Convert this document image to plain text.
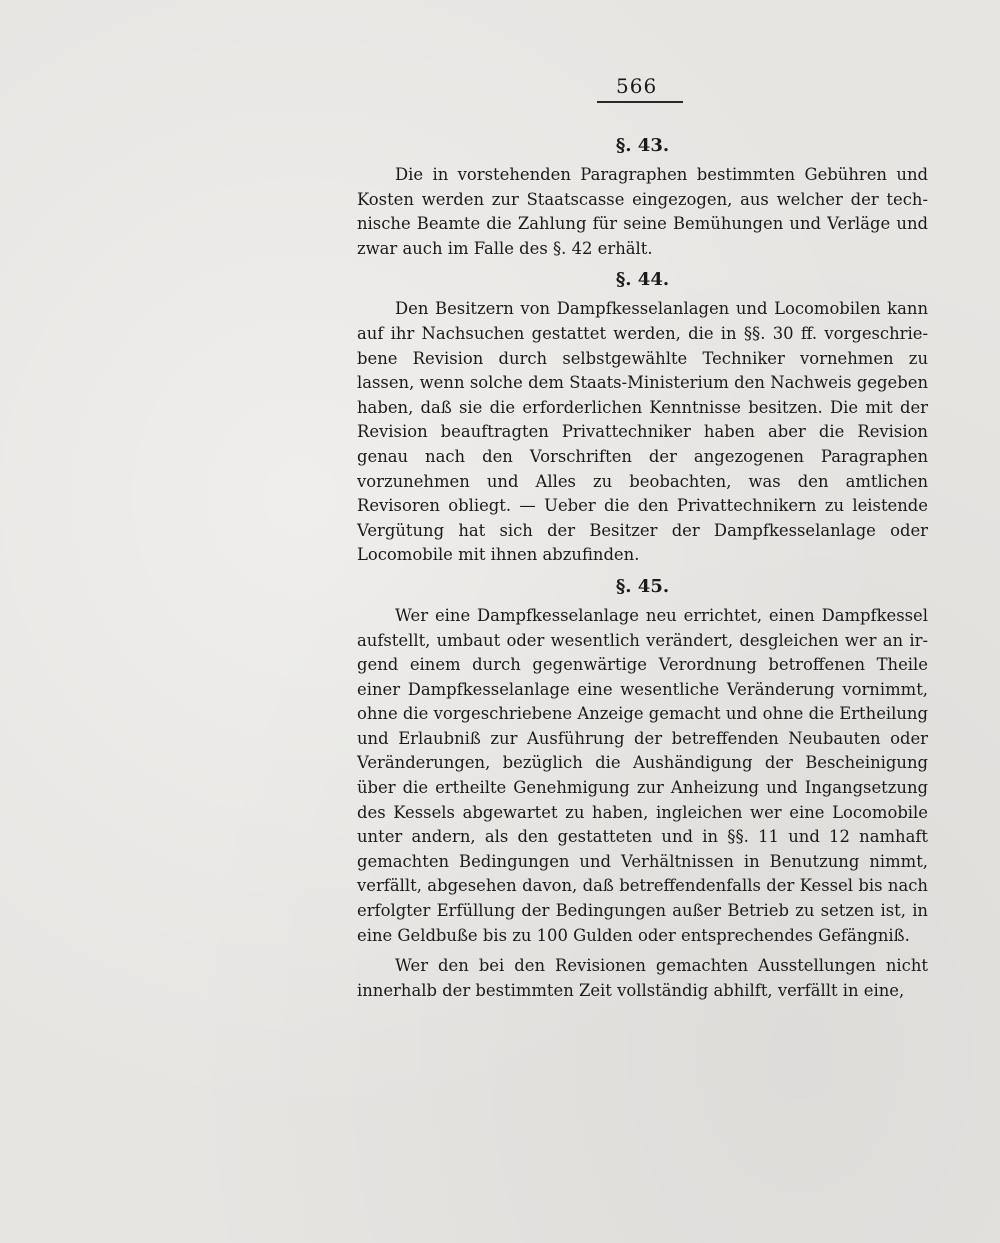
566

§. 43.

Die in vorstehenden Paragraphen bestimmten Gebühren und Kosten werden zur Staatscasse eingezogen, aus welcher der technische Beamte die Zahlung für seine Bemühungen und Verläge und zwar auch im Falle des §. 42 erhält.

§. 44.

Den Besitzern von Dampfkesselanlagen und Locomobilen kann auf ihr Nachsuchen gestattet werden, die in §§. 30 ff. vorgeschriebene Revision durch selbstgewählte Techniker vornehmen zu lassen, wenn solche dem Staats-Ministerium den Nachweis gegeben haben, daß sie die erforderlichen Kenntnisse besitzen. Die mit der Revision beauftragten Privattechniker haben aber die Revision genau nach den Vorschriften der angezogenen Paragraphen vorzunehmen und Alles zu beobachten, was den amtlichen Revisoren obliegt. — Ueber die den Privattechnikern zu leistende Vergütung hat sich der Besitzer der Dampfkesselanlage oder Locomobile mit ihnen abzufinden.

§. 45.

Wer eine Dampfkesselanlage neu errichtet, einen Dampfkessel aufstellt, umbaut oder wesentlich verändert, desgleichen wer an irgend einem durch gegenwärtige Verordnung betroffenen Theile einer Dampfkesselanlage eine wesentliche Veränderung vornimmt, ohne die vorgeschriebene Anzeige gemacht und ohne die Ertheilung und Erlaubniß zur Ausführung der betreffenden Neubauten oder Veränderungen, bezüglich die Aushändigung der Bescheinigung über die ertheilte Genehmigung zur Anheizung und Ingangsetzung des Kessels abgewartet zu haben, ingleichen wer eine Locomobile unter andern, als den gestatteten und in §§. 11 und 12 namhaft gemachten Bedingungen und Verhältnissen in Benutzung nimmt, verfällt, abgesehen davon, daß betreffendenfalls der Kessel bis nach erfolgter Erfüllung der Bedingungen außer Betrieb zu setzen ist, in eine Geldbuße bis zu 100 Gulden oder entsprechendes Gefängniß.

Wer den bei den Revisionen gemachten Ausstellungen nicht innerhalb der bestimmten Zeit vollständig abhilft, verfällt in eine,
